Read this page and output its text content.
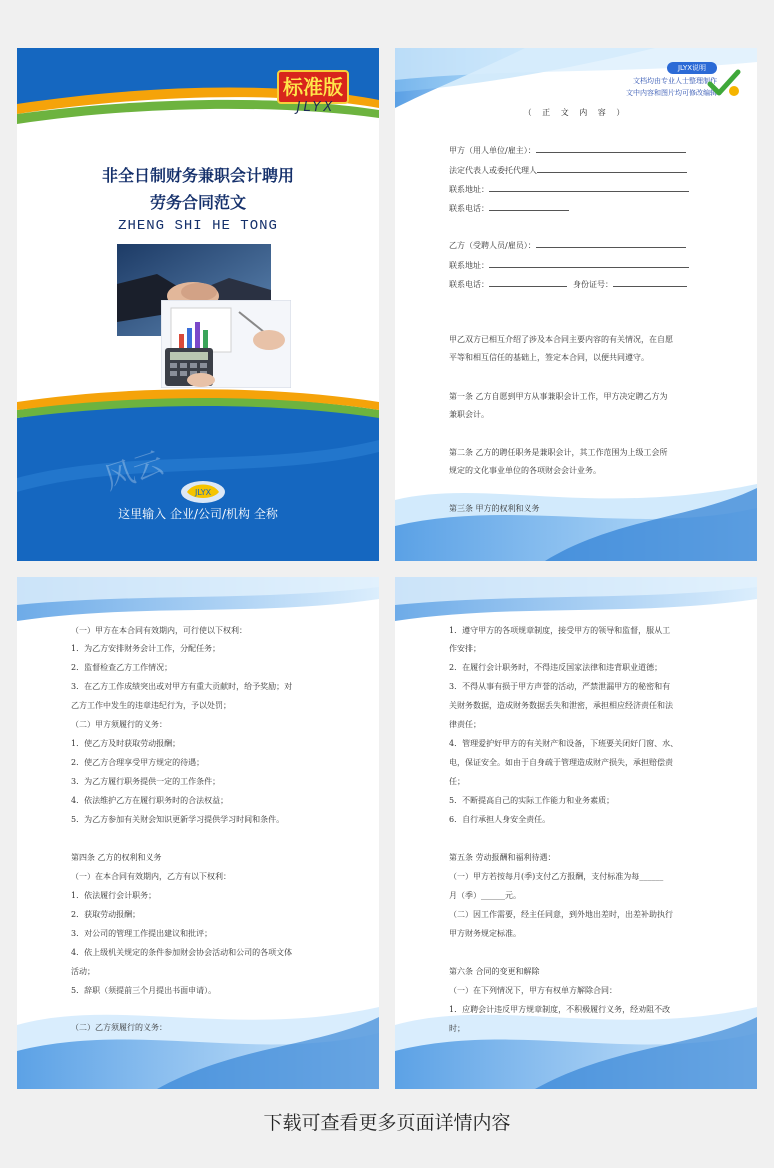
标准版
JLYX
非全日制财务兼职会计聘用
劳务合同范文
ZHENG SHI HE TONG
风云	JLYX
这里输入 企业/公司/机构 全称
JLYX说明
文档均由专业人士整理制作
文中内容和图片均可修改编辑
（ 正 文 内 容 ）
甲方（用人单位/雇主）：
法定代表人或委托代理人
联系地址：
联系电话：
乙方（受聘人员/雇员）：
联系地址：
联系电话：	身份证号：
甲乙双方已相互介绍了涉及本合同主要内容的有关情况，在自愿
平等和相互信任的基础上，签定本合同，以便共同遵守。
第一条 乙方自愿到甲方从事兼职会计工作，甲方决定聘乙方为
兼职会计。
第二条 乙方的聘任职务是兼职会计，其工作范围为上级工会所
规定的文化事业单位的各项财会会计业务。
第三条 甲方的权利和义务
（一）甲方在本合同有效期内，可行使以下权利：
1．为乙方安排财务会计工作，分配任务；
2．监督检查乙方工作情况；
3．在乙方工作成绩突出或对甲方有重大贡献时，给予奖励；对
乙方工作中发生的违章违纪行为，予以处罚；
（二）甲方须履行的义务：
1．使乙方及时获取劳动报酬；
2．使乙方合理享受甲方规定的待遇；
3．为乙方履行职务提供一定的工作条件；
4．依法维护乙方在履行职务时的合法权益；
5．为乙方参加有关财会知识更新学习提供学习时间和条件。
第四条 乙方的权利和义务
（一）在本合同有效期内，乙方有以下权利：
1．依法履行会计职务；
2．获取劳动报酬；
3．对公司的管理工作提出建议和批评；
4．依上级机关规定的条件参加财会协会活动和公司的各项文体
活动；
5．辞职（须提前三个月提出书面申请）。
（二）乙方须履行的义务：
1．遵守甲方的各项规章制度，接受甲方的领导和监督，服从工
作安排；
2．在履行会计职务时，不得违反国家法律和违背职业道德；
3．不得从事有损于甲方声誉的活动，严禁泄漏甲方的秘密和有
关财务数据，造成财务数据丢失和泄密，承担相应经济责任和法
律责任；
4．管理爱护好甲方的有关财产和设备，下班要关闭好门窗、水、
电，保证安全。如由于自身疏于管理造成财产损失，承担赔偿责
任；
5．不断提高自己的实际工作能力和业务素质；
6．自行承担人身安全责任。
第五条 劳动报酬和福利待遇：
（一）甲方若按每月(季)支付乙方报酬，支付标准为每______
月（季）______元。
（二）因工作需要，经主任同意，到外地出差时，出差补助执行
甲方财务规定标准。
第六条 合同的变更和解除
（一）在下列情况下，甲方有权单方解除合同：
1．应聘会计违反甲方规章制度，不积极履行义务，经劝阻不改
时；
下载可查看更多页面详情内容
